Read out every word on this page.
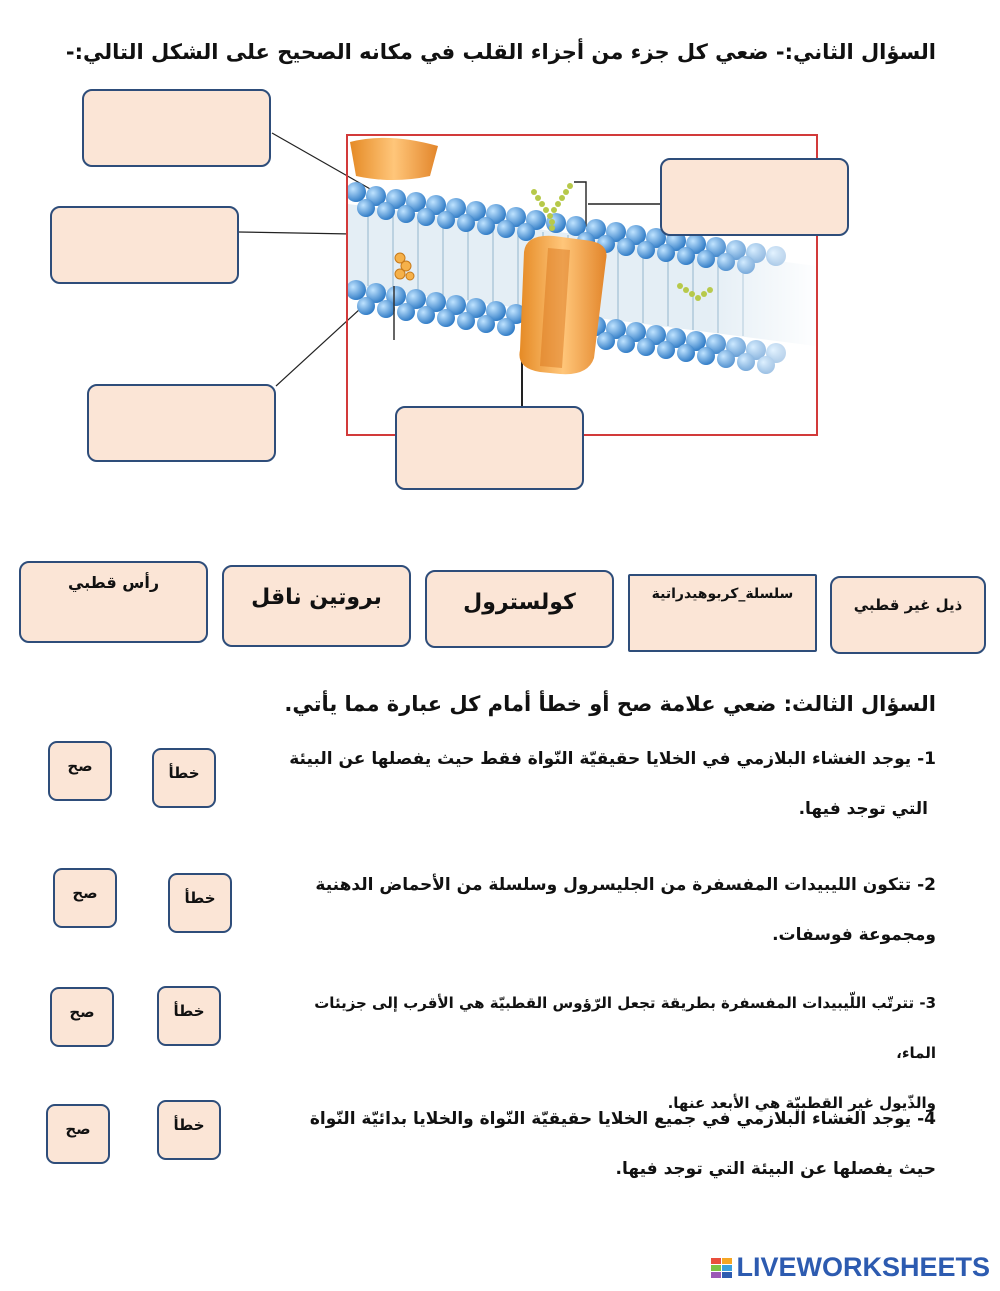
السؤال الثاني:- ضعي كل جزء من أجزاء القلب في مكانه الصحيح على الشكل التالي:-
رأس قطبي
بروتين ناقل	كولسترول	سلسلة_كربوهيدراتية
ذيل غير قطبي
السؤال الثالث: ضعي علامة صح أو خطأ أمام كل عبارة مما يأتي.
1- يوجد الغشاء البلازمي في الخلايا حقيقيّة النّواة فقط حيث يفصلها عن البيئة
التي توجد فيها.
صح	خطأ
2- تتكون الليبيدات المفسفرة من الجليسرول وسلسلة من الأحماض الدهنية
ومجموعة فوسفات.
صح	خطأ
3- تترتّب اللّيبيدات المفسفرة بطريقة تجعل الرّؤوس القطبيّة هي الأقرب إلى جزيئات الماء،
والذّيول غير القطبيّة هي الأبعد عنها.
صح	خطأ
4- يوجد الغشاء البلازمي في جميع الخلايا حقيقيّة النّواة والخلايا بدائيّة النّواة
حيث يفصلها عن البيئة التي توجد فيها.
صح	خطأ
LIVEWORKSHEETS
